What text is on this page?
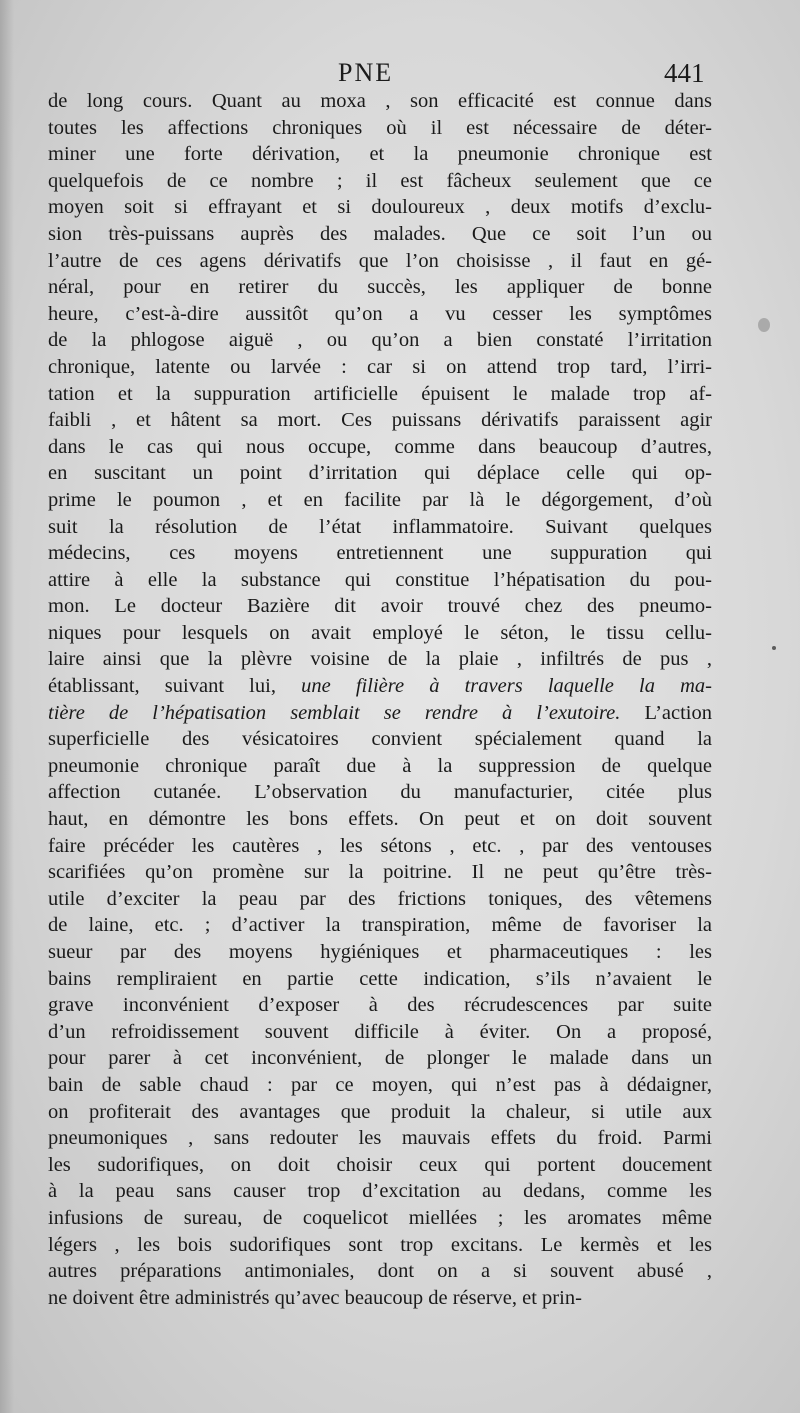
PNE	441
de long cours. Quant au moxa , son efficacité est connue dans
toutes les affections chroniques où il est nécessaire de déter-
miner une forte dérivation, et la pneumonie chronique est
quelquefois de ce nombre ; il est fâcheux seulement que ce
moyen soit si effrayant et si douloureux , deux motifs d’exclu-
sion très-puissans auprès des malades. Que ce soit l’un ou
l’autre de ces agens dérivatifs que l’on choisisse , il faut en gé-
néral, pour en retirer du succès, les appliquer de bonne
heure, c’est-à-dire aussitôt qu’on a vu cesser les symptômes
de la phlogose aiguë , ou qu’on a bien constaté l’irritation
chronique, latente ou larvée : car si on attend trop tard, l’irri-
tation et la suppuration artificielle épuisent le malade trop af-
faibli , et hâtent sa mort. Ces puissans dérivatifs paraissent agir
dans le cas qui nous occupe, comme dans beaucoup d’autres,
en suscitant un point d’irritation qui déplace celle qui op-
prime le poumon , et en facilite par là le dégorgement, d’où
suit la résolution de l’état inflammatoire. Suivant quelques
médecins, ces moyens entretiennent une suppuration qui
attire à elle la substance qui constitue l’hépatisation du pou-
mon. Le docteur Bazière dit avoir trouvé chez des pneumo-
niques pour lesquels on avait employé le séton, le tissu cellu-
laire ainsi que la plèvre voisine de la plaie , infiltrés de pus ,
établissant, suivant lui, une filière à travers laquelle la ma-
tière de l’hépatisation semblait se rendre à l’exutoire. L’action
superficielle des vésicatoires convient spécialement quand la
pneumonie chronique paraît due à la suppression de quelque
affection cutanée. L’observation du manufacturier, citée plus
haut, en démontre les bons effets. On peut et on doit souvent
faire précéder les cautères , les sétons , etc. , par des ventouses
scarifiées qu’on promène sur la poitrine. Il ne peut qu’être très-
utile d’exciter la peau par des frictions toniques, des vêtemens
de laine, etc. ; d’activer la transpiration, même de favoriser la
sueur par des moyens hygiéniques et pharmaceutiques : les
bains rempliraient en partie cette indication, s’ils n’avaient le
grave inconvénient d’exposer à des récrudescences par suite
d’un refroidissement souvent difficile à éviter. On a proposé,
pour parer à cet inconvénient, de plonger le malade dans un
bain de sable chaud : par ce moyen, qui n’est pas à dédaigner,
on profiterait des avantages que produit la chaleur, si utile aux
pneumoniques , sans redouter les mauvais effets du froid. Parmi
les sudorifiques, on doit choisir ceux qui portent doucement
à la peau sans causer trop d’excitation au dedans, comme les
infusions de sureau, de coquelicot miellées ; les aromates même
légers , les bois sudorifiques sont trop excitans. Le kermès et les
autres préparations antimoniales, dont on a si souvent abusé ,
ne doivent être administrés qu’avec beaucoup de réserve, et prin-
